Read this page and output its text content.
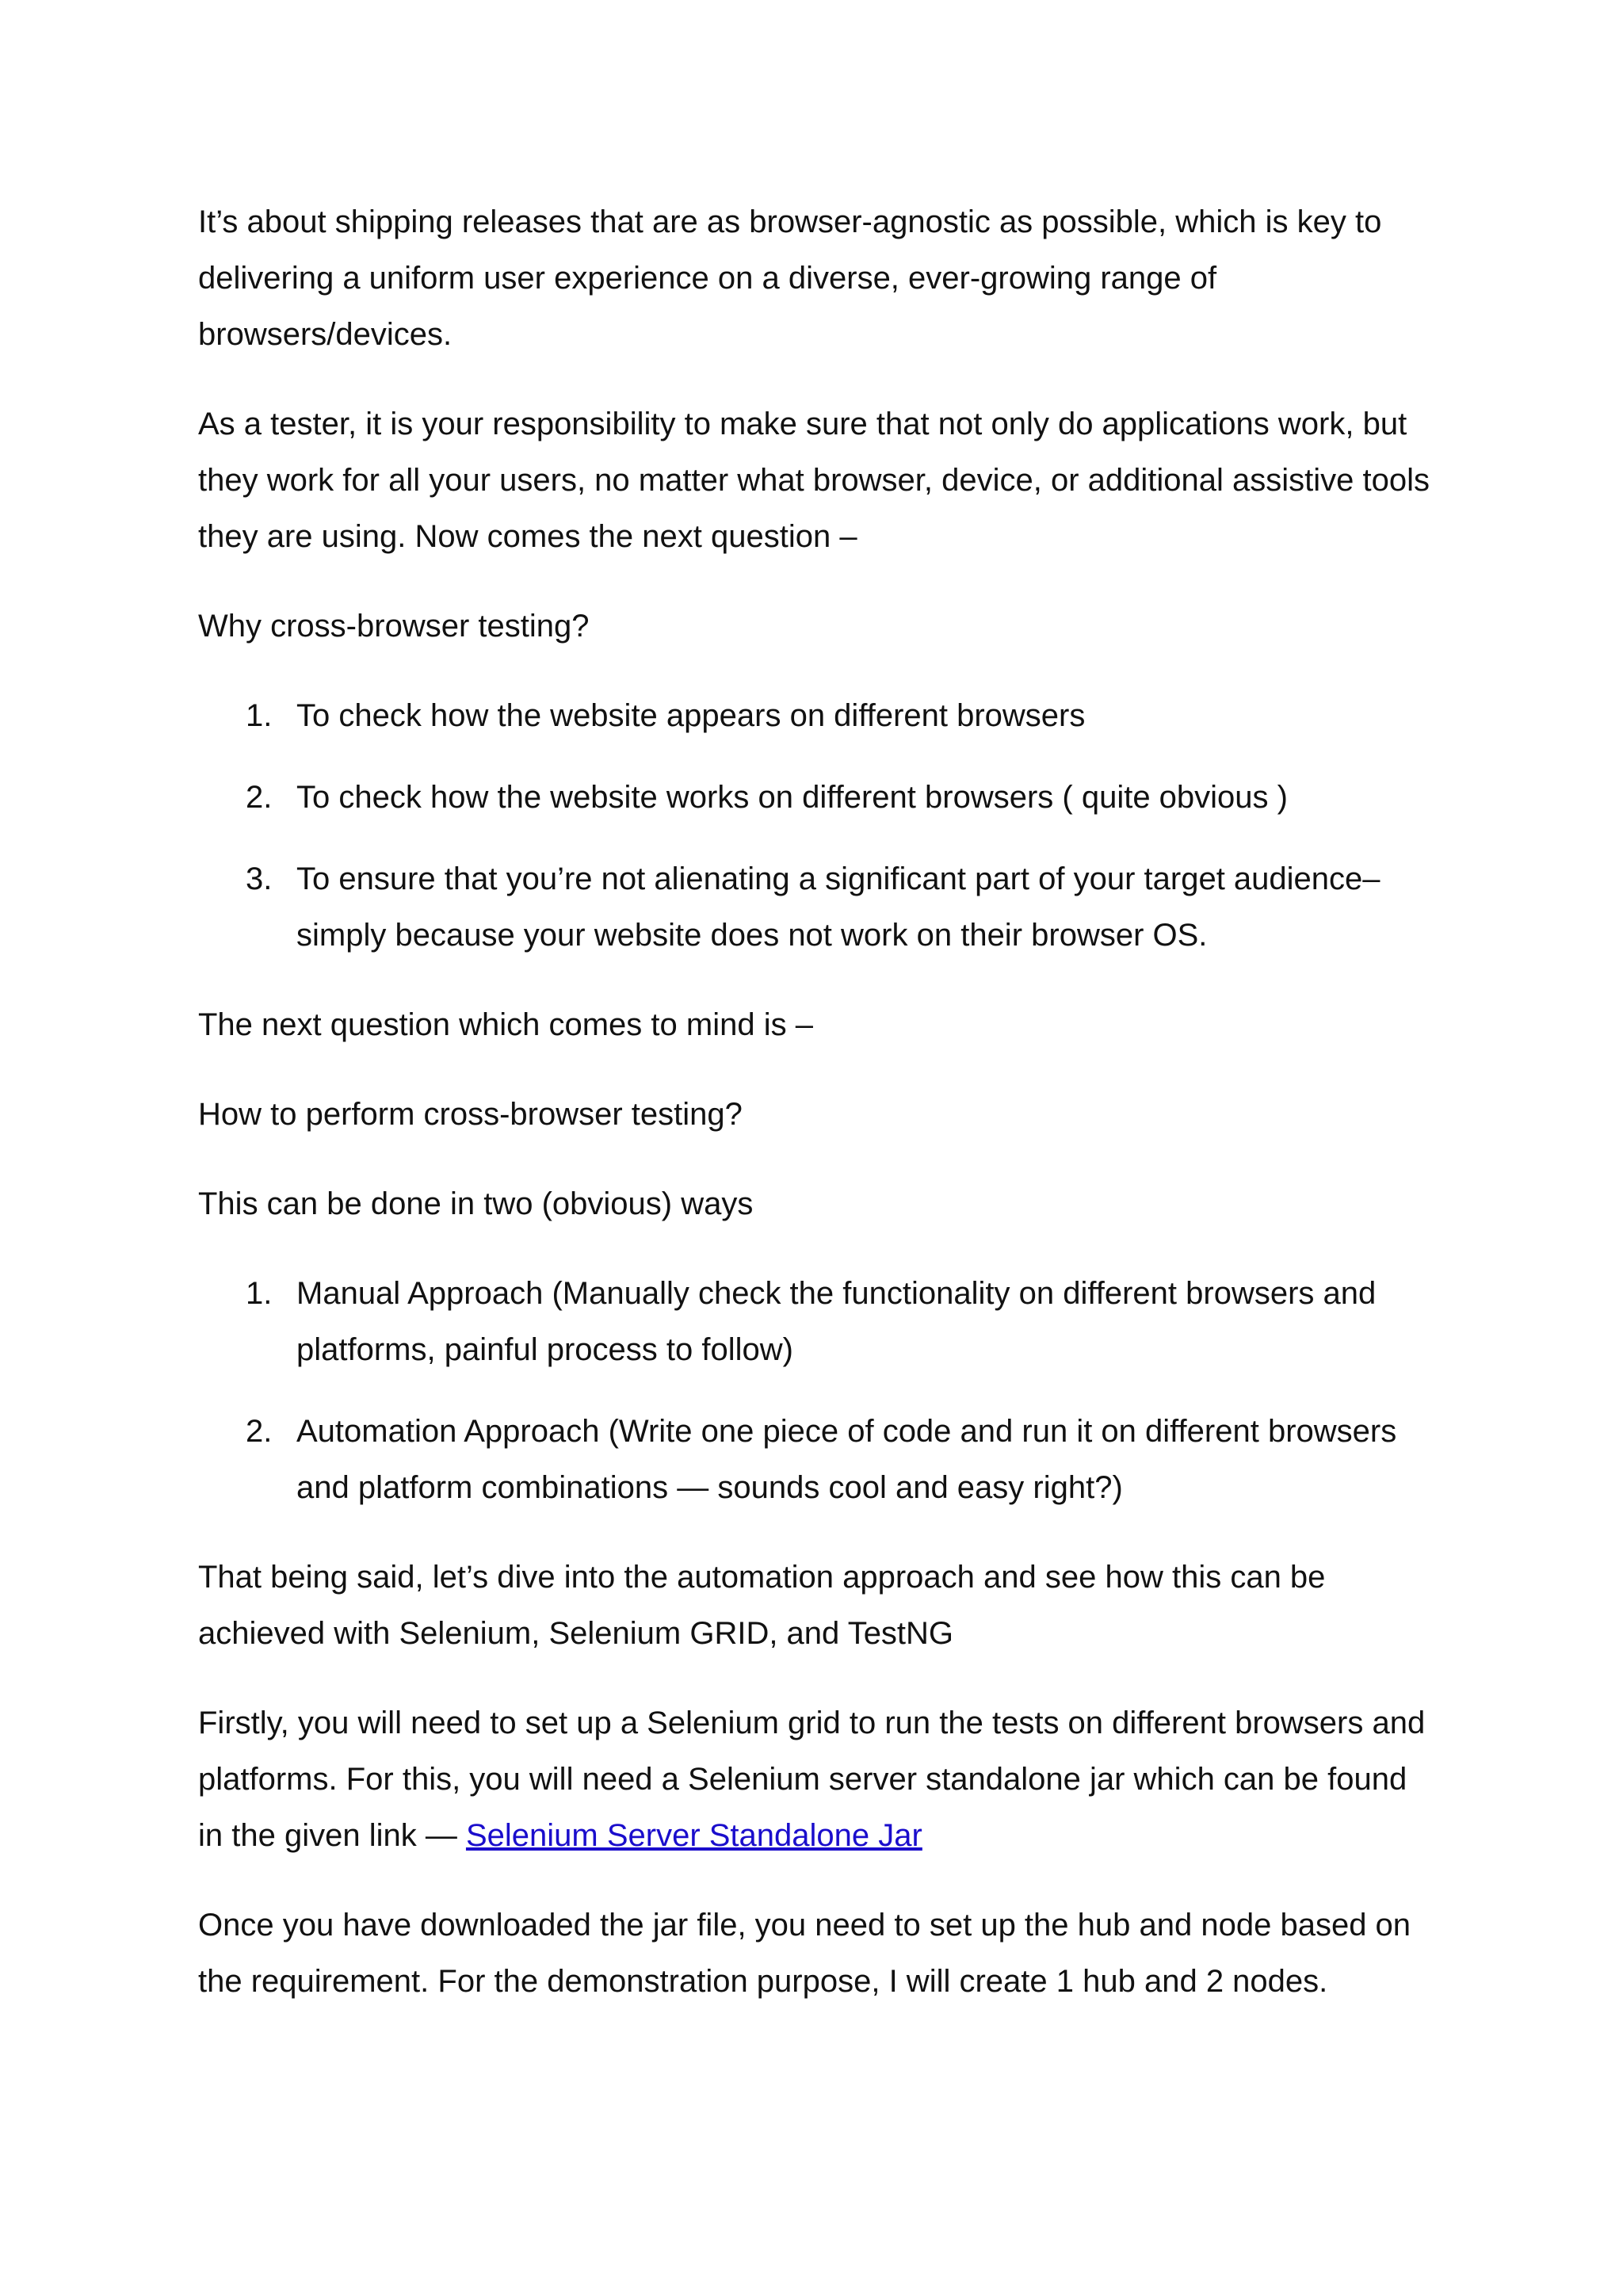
It’s about shipping releases that are as browser-agnostic as possible, which is key to delivering a uniform user experience on a diverse, ever-growing range of browsers/devices.

As a tester, it is your responsibility to make sure that not only do applications work, but they work for all your users, no matter what browser, device, or additional assistive tools they are using. Now comes the next question –

Why cross-browser testing?

1. To check how the website appears on different browsers
2. To check how the website works on different browsers ( quite obvious )
3. To ensure that you’re not alienating a significant part of your target audience–simply because your website does not work on their browser OS.

The next question which comes to mind is –

How to perform cross-browser testing?

This can be done in two (obvious) ways

1. Manual Approach (Manually check the functionality on different browsers and platforms, painful process to follow)
2. Automation Approach (Write one piece of code and run it on different browsers and platform combinations — sounds cool and easy right?)

That being said, let’s dive into the automation approach and see how this can be achieved with Selenium, Selenium GRID, and TestNG

Firstly, you will need to set up a Selenium grid to run the tests on different browsers and platforms. For this, you will need a Selenium server standalone jar which can be found in the given link — Selenium Server Standalone Jar

Once you have downloaded the jar file, you need to set up the hub and node based on the requirement. For the demonstration purpose, I will create 1 hub and 2 nodes.
